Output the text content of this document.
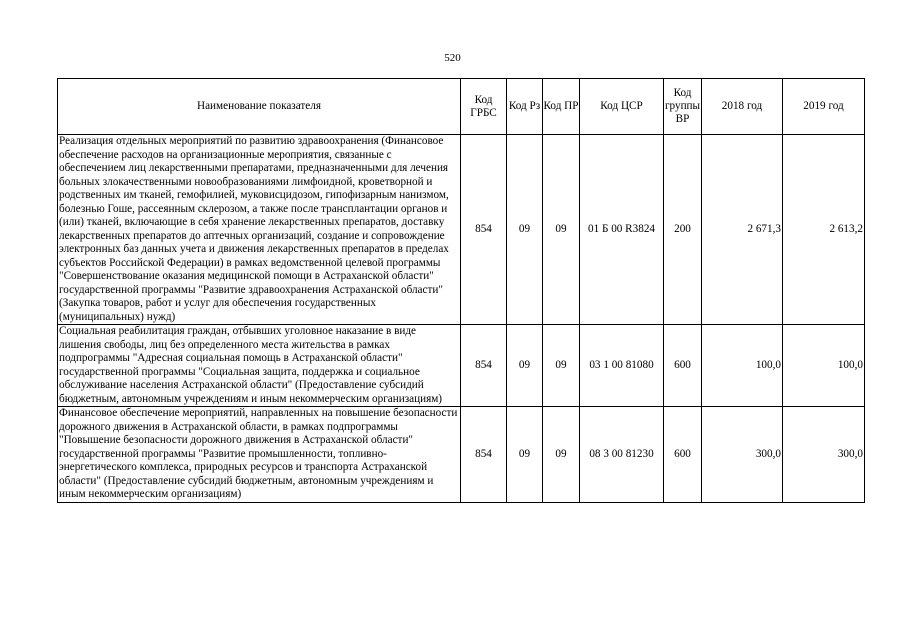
520
Наименование показателя	Код ГРБС	Код Рз	Код ПР	Код ЦСР	Код группы ВР	2018 год	2019 год
Реализация отдельных мероприятий по развитию здравоохранения (Финансовое обеспечение расходов на организационные мероприятия, связанные с обеспечением лиц лекарственными препаратами, предназначенными для лечения больных злокачественными новообразованиями лимфоидной, кроветворной и родственных им тканей, гемофилией, муковисцидозом, гипофизарным нанизмом, болезнью Гоше, рассеянным склерозом, а также после трансплантации органов и (или) тканей, включающие в себя хранение лекарственных препаратов, доставку лекарственных препаратов до аптечных организаций, создание и сопровождение электронных баз данных учета и движения лекарственных препаратов в пределах субъектов Российской Федерации) в рамках ведомственной целевой программы "Совершенствование оказания медицинской помощи в Астраханской области" государственной программы "Развитие здравоохранения Астраханской области" (Закупка товаров, работ и услуг для обеспечения государственных (муниципальных) нужд)	854	09	09	01 Б 00 R3824	200	2 671,3	2 613,2
Социальная реабилитация граждан, отбывших уголовное наказание в виде лишения свободы, лиц без определенного места жительства в рамках подпрограммы "Адресная социальная помощь в Астраханской области" государственной программы "Социальная защита, поддержка и социальное обслуживание населения Астраханской области" (Предоставление субсидий бюджетным, автономным учреждениям и иным некоммерческим организациям)	854	09	09	03 1 00 81080	600	100,0	100,0
Финансовое обеспечение мероприятий, направленных на повышение безопасности дорожного движения в Астраханской области, в рамках подпрограммы "Повышение безопасности дорожного движения в Астраханской области" государственной программы "Развитие промышленности, топливно-энергетического комплекса, природных ресурсов и транспорта Астраханской области" (Предоставление субсидий бюджетным, автономным учреждениям и иным некоммерческим организациям)	854	09	09	08 3 00 81230	600	300,0	300,0
